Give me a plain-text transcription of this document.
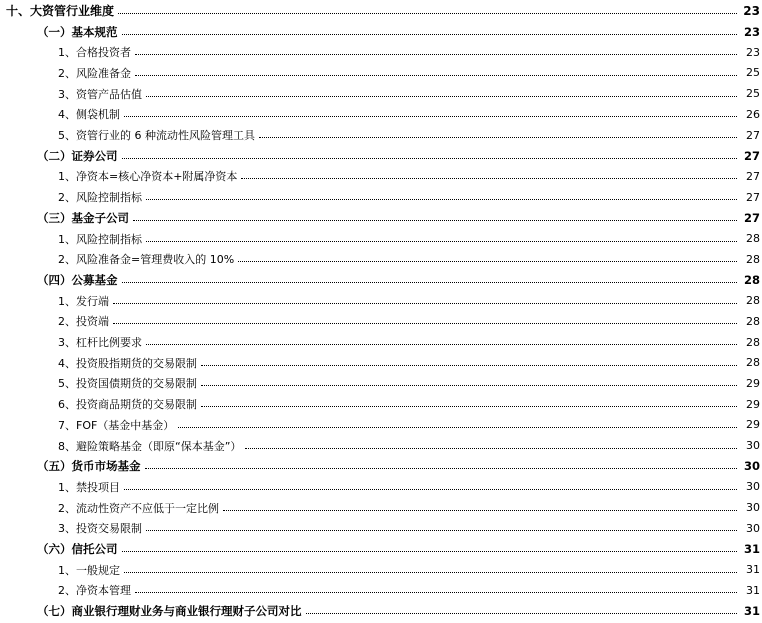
十、大资管行业维度	23
（一）基本规范	23
1、合格投资者	23
2、风险准备金	25
3、资管产品估值	25
4、侧袋机制	26
5、资管行业的 6 种流动性风险管理工具	27
（二）证券公司	27
1、净资本=核心净资本+附属净资本	27
2、风险控制指标	27
（三）基金子公司	27
1、风险控制指标	28
2、风险准备金=管理费收入的 10%	28
（四）公募基金	28
1、发行端	28
2、投资端	28
3、杠杆比例要求	28
4、投资股指期货的交易限制	28
5、投资国债期货的交易限制	29
6、投资商品期货的交易限制	29
7、FOF（基金中基金）	29
8、避险策略基金（即原“保本基金”）	30
（五）货币市场基金	30
1、禁投项目	30
2、流动性资产不应低于一定比例	30
3、投资交易限制	30
（六）信托公司	31
1、一般规定	31
2、净资本管理	31
（七）商业银行理财业务与商业银行理财子公司对比	31
